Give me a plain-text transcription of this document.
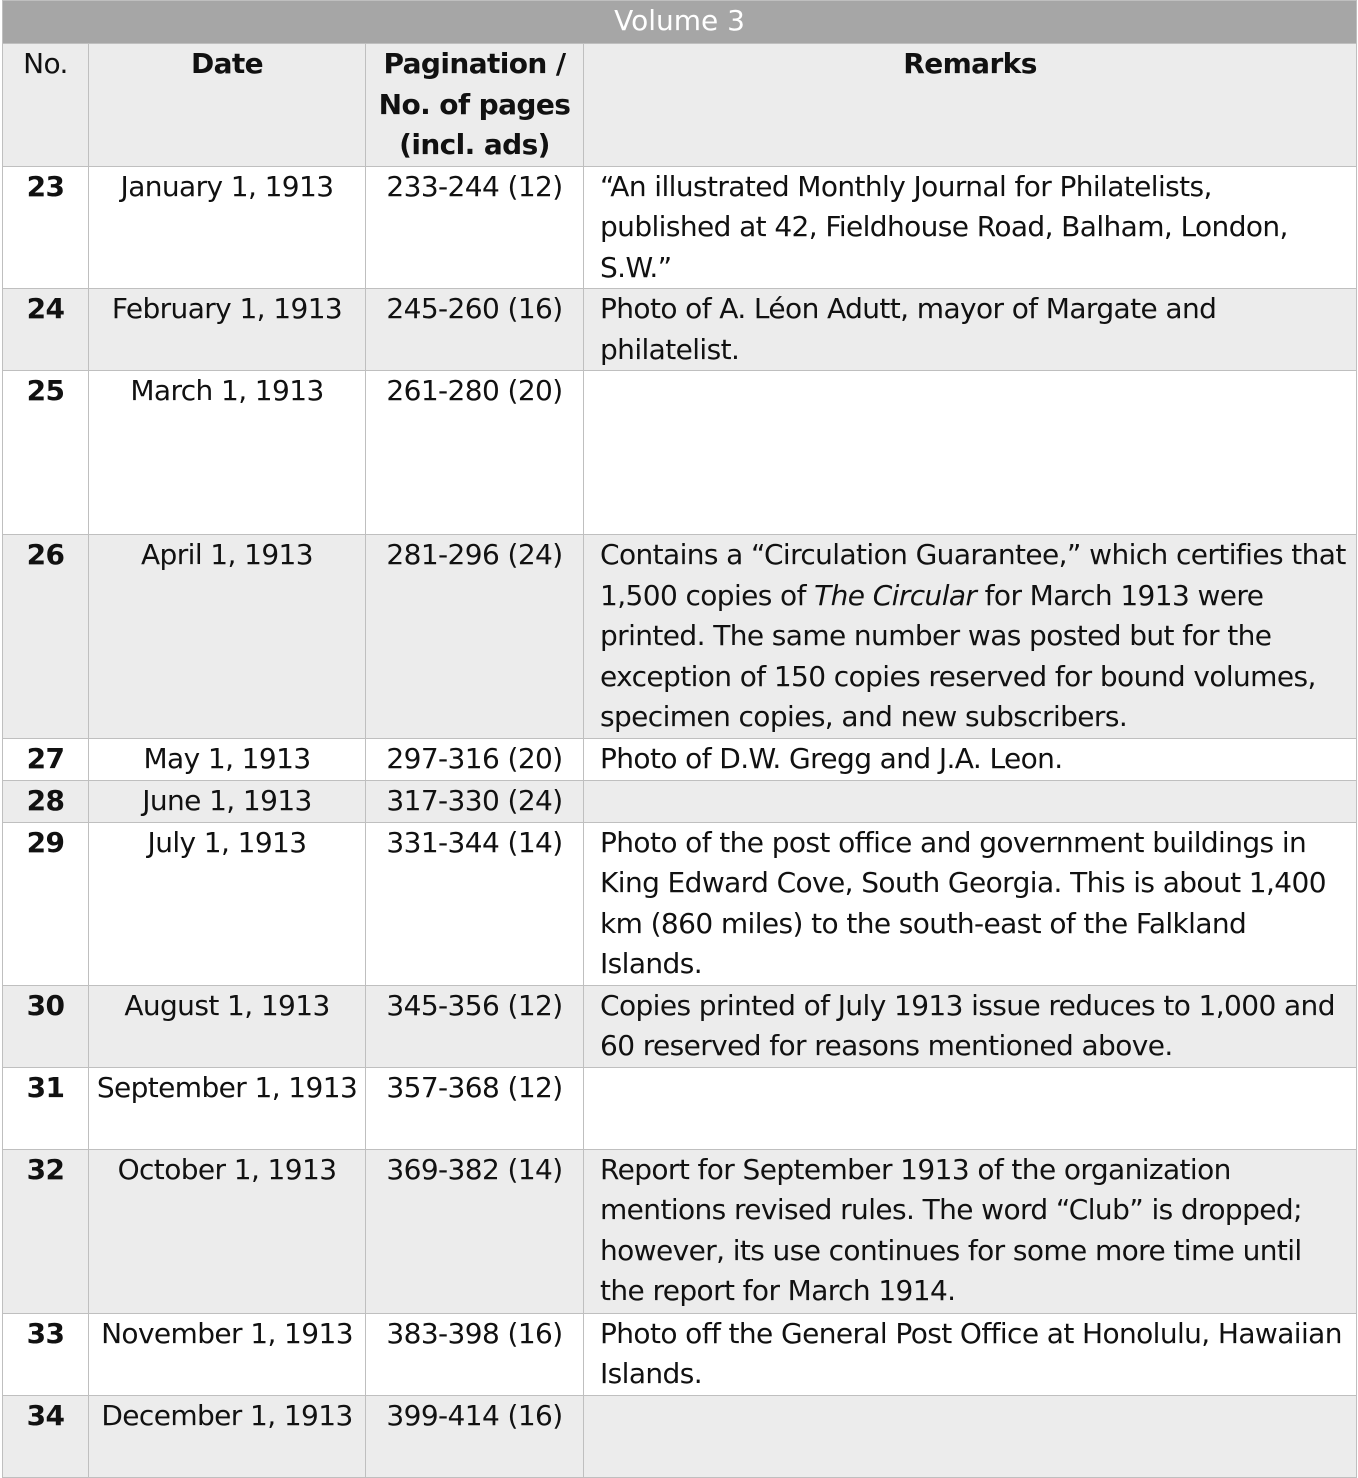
Volume 3			
No.	Date	Pagination / No. of pages (incl. ads)	Remarks
23	January 1, 1913	233-244 (12)	“An illustrated Monthly Journal for Philatelists, published at 42, Fieldhouse Road, Balham, London, S.W.”
24	February 1, 1913	245-260 (16)	Photo of A. Léon Adutt, mayor of Margate and philatelist.
25	March 1, 1913	261-280 (20)	
26	April 1, 1913	281-296 (24)	Contains a “Circulation Guarantee,” which certifies that 1,500 copies of The Circular for March 1913 were printed. The same number was posted but for the exception of 150 copies reserved for bound volumes, specimen copies, and new subscribers.
27	May 1, 1913	297-316 (20)	Photo of D.W. Gregg and J.A. Leon.
28	June 1, 1913	317-330 (24)	
29	July 1, 1913	331-344 (14)	Photo of the post office and government buildings in King Edward Cove, South Georgia. This is about 1,400 km (860 miles) to the south-east of the Falkland Islands.
30	August 1, 1913	345-356 (12)	Copies printed of July 1913 issue reduces to 1,000 and 60 reserved for reasons mentioned above.
31	September 1, 1913	357-368 (12)	
32	October 1, 1913	369-382 (14)	Report for September 1913 of the organization mentions revised rules. The word “Club” is dropped; however, its use continues for some more time until the report for March 1914.
33	November 1, 1913	383-398 (16)	Photo off the General Post Office at Honolulu, Hawaiian Islands.
34	December 1, 1913	399-414 (16)	
